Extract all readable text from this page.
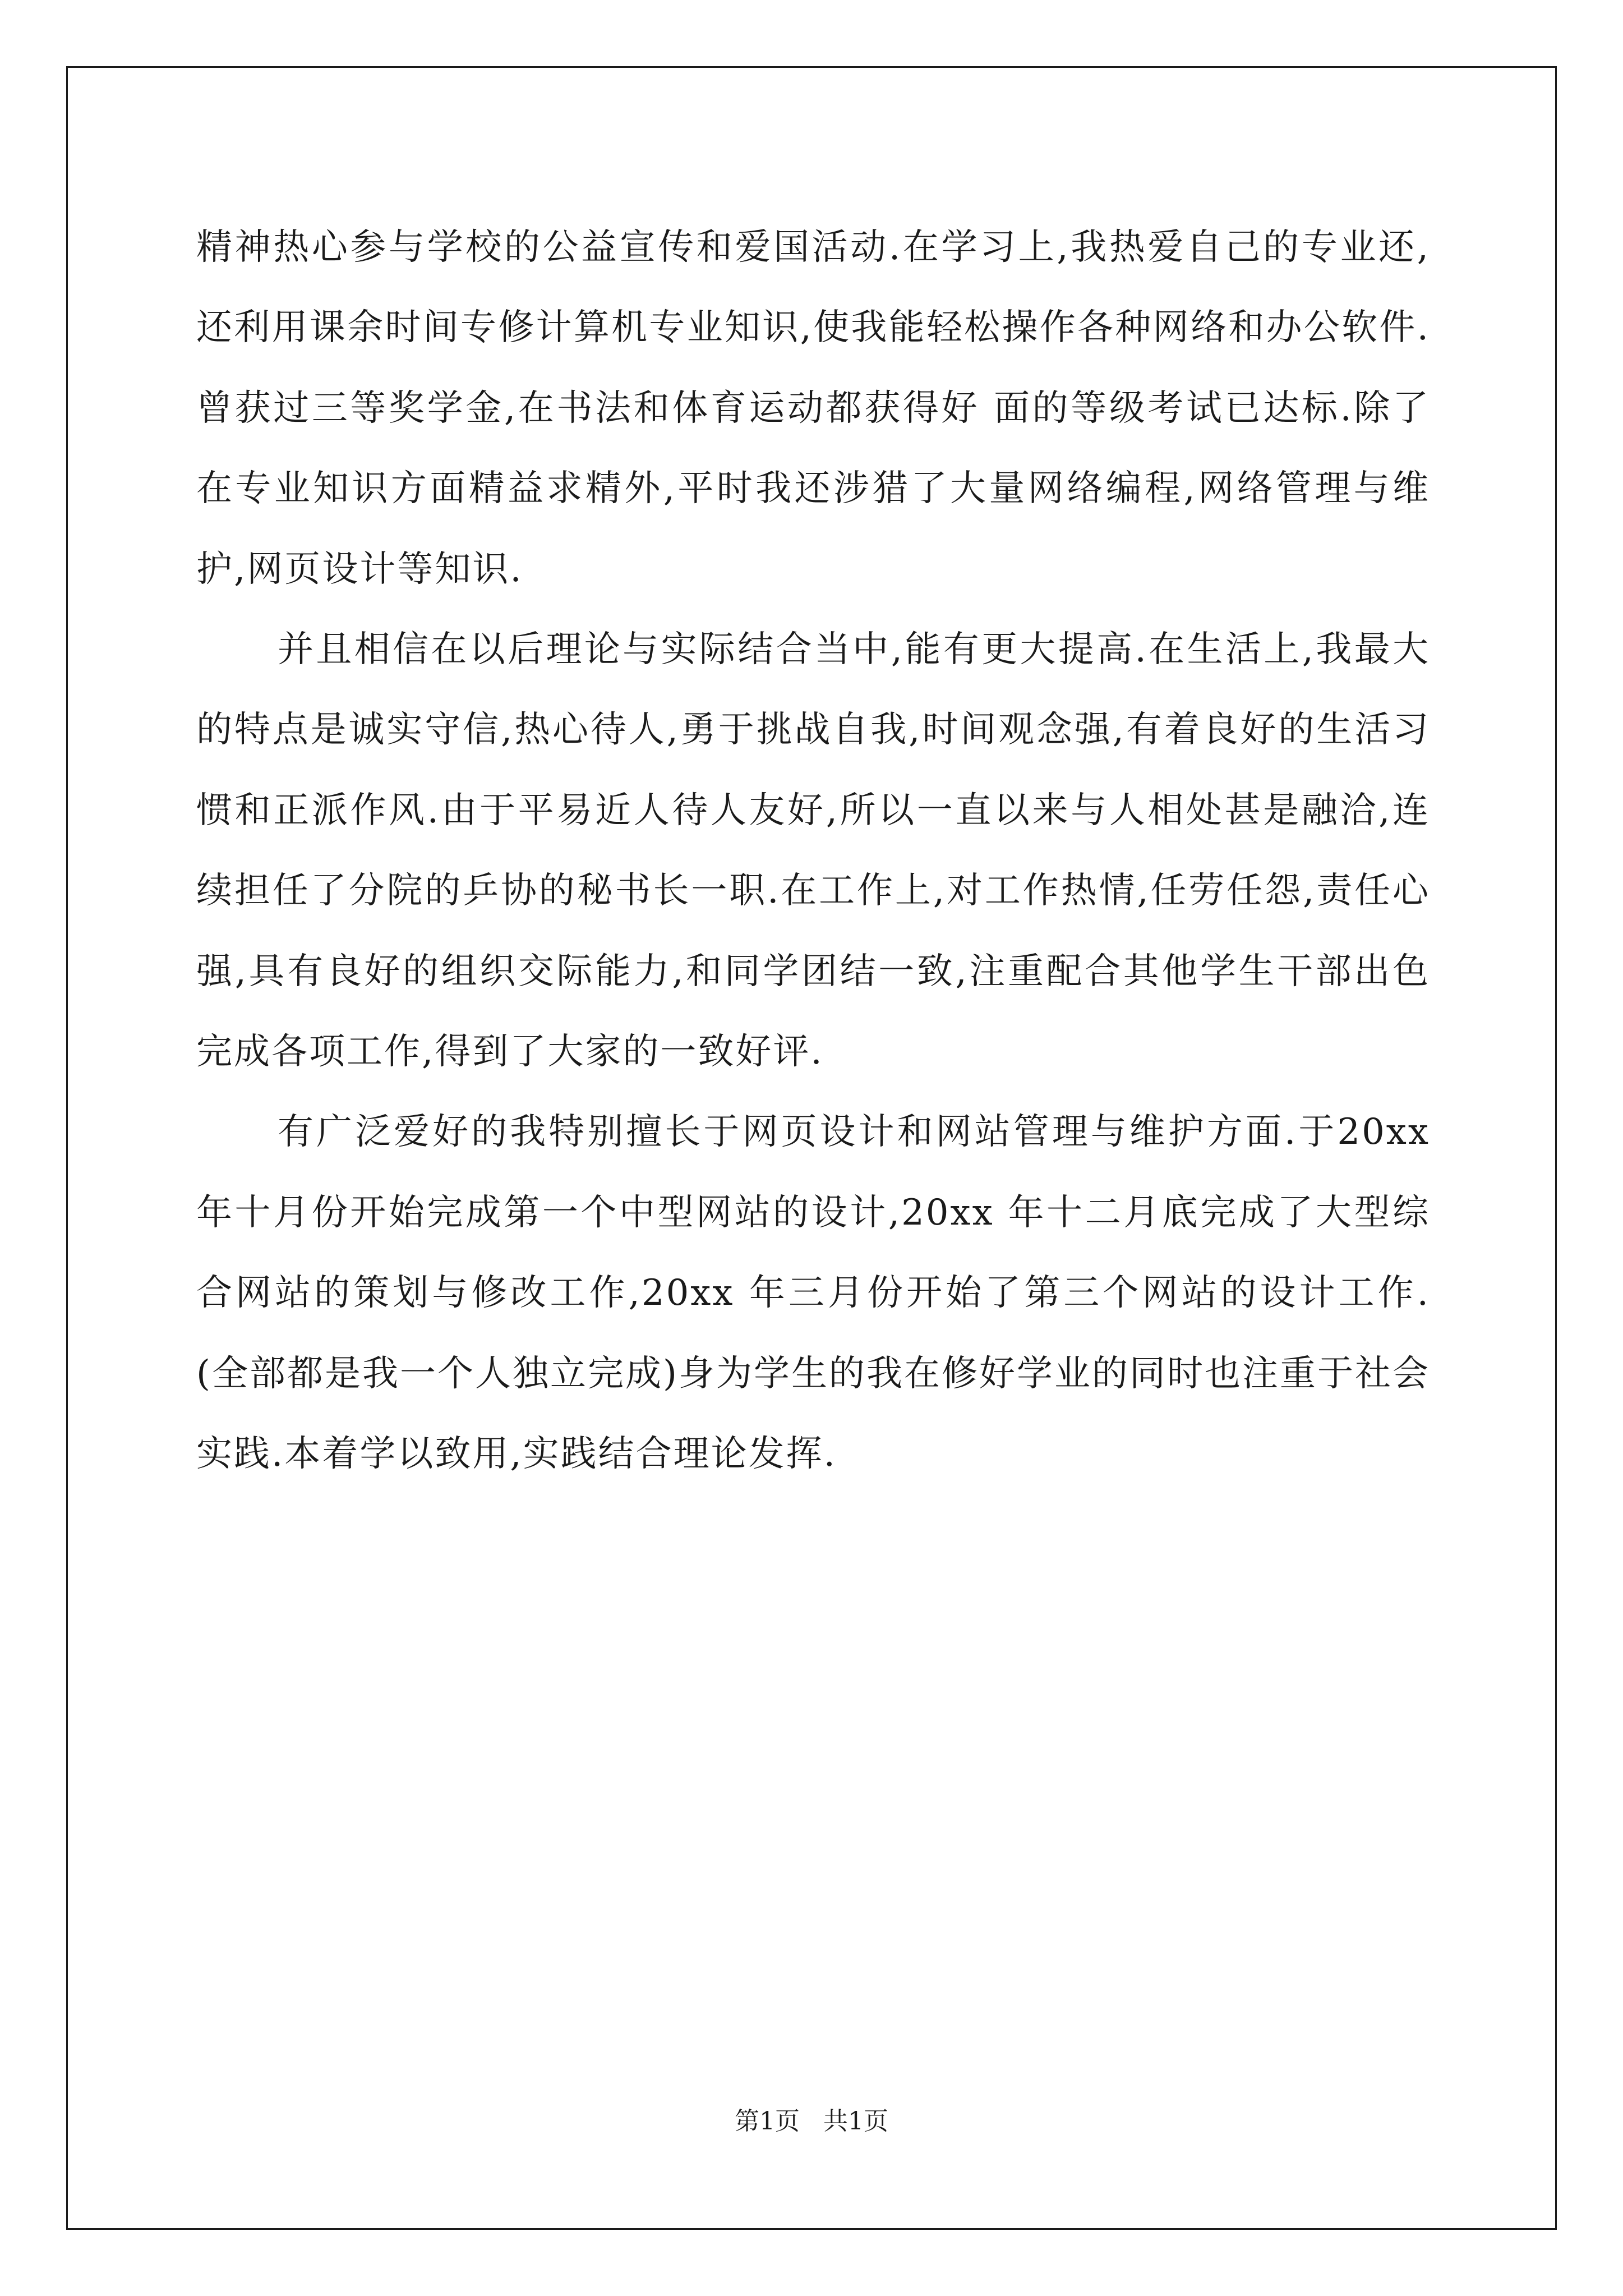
精神热心参与学校的公益宣传和爱国活动.在学习上,我热爱自己的专业还,还利用课余时间专修计算机专业知识,使我能轻松操作各种网络和办公软件.曾获过三等奖学金,在书法和体育运动都获得好 面的等级考试已达标.除了在专业知识方面精益求精外,平时我还涉猎了大量网络编程,网络管理与维护,网页设计等知识.

并且相信在以后理论与实际结合当中,能有更大提高.在生活上,我最大的特点是诚实守信,热心待人,勇于挑战自我,时间观念强,有着良好的生活习惯和正派作风.由于平易近人待人友好,所以一直以来与人相处甚是融洽,连续担任了分院的乒协的秘书长一职.在工作上,对工作热情,任劳任怨,责任心强,具有良好的组织交际能力,和同学团结一致,注重配合其他学生干部出色完成各项工作,得到了大家的一致好评.

有广泛爱好的我特别擅长于网页设计和网站管理与维护方面.于20xx 年十月份开始完成第一个中型网站的设计,20xx 年十二月底完成了大型综合网站的策划与修改工作,20xx 年三月份开始了第三个网站的设计工作.(全部都是我一个人独立完成)身为学生的我在修好学业的同时也注重于社会实践.本着学以致用,实践结合理论发挥.

第1页   共1页
